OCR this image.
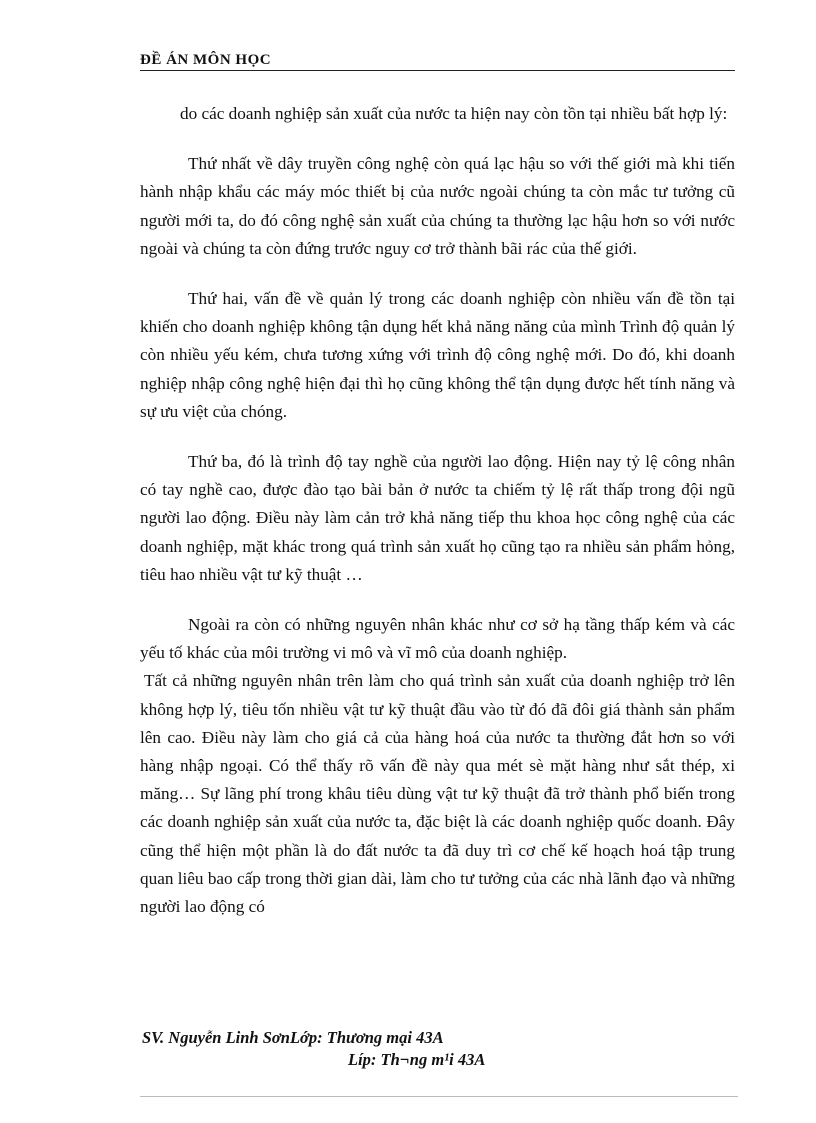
ĐỀ ÁN MÔN HỌC

do các doanh nghiệp sản xuất của nước ta hiện nay còn tồn tại nhiều bất hợp lý:

Thứ nhất về dây truyền công nghệ còn quá lạc hậu so với thế giới mà khi tiến hành nhập khẩu các máy móc thiết bị của nước ngoài chúng ta còn mắc tư tưởng cũ người mới ta, do đó công nghệ sản xuất của chúng ta thường lạc hậu hơn so với nước ngoài và chúng ta còn đứng trước nguy cơ trở thành bãi rác của thế giới.

Thứ hai, vấn đề về quản lý trong các doanh nghiệp còn nhiều vấn đề tồn tại khiến cho doanh nghiệp không tận dụng hết khả năng năng của mình Trình độ quản lý còn nhiều yếu kém, chưa tương xứng với trình độ công nghệ mới. Do đó, khi doanh nghiệp nhập công nghệ hiện đại thì họ cũng không thể tận dụng được hết tính năng và sự ưu việt của chóng.

Thứ ba, đó là trình độ tay nghề của người lao động. Hiện nay tỷ lệ công nhân có tay nghề cao, được đào tạo bài bản ở nước ta chiếm tỷ lệ rất thấp trong đội ngũ người lao động. Điều này làm cản trở khả năng tiếp thu khoa học công nghệ của các doanh nghiệp, mặt khác trong quá trình sản xuất họ cũng tạo ra nhiều sản phẩm hỏng, tiêu hao nhiều vật tư kỹ thuật …

Ngoài ra còn có những nguyên nhân khác như cơ sở hạ tầng thấp kém và các yếu tố khác của môi trường vi mô và vĩ mô của doanh nghiệp.

Tất cả những nguyên nhân trên làm cho quá trình sản xuất của doanh nghiệp trở lên không hợp lý, tiêu tốn nhiều vật tư kỹ thuật đầu vào từ đó đã đôi giá thành sản phẩm lên cao. Điều này làm cho giá cả của hàng hoá của nước ta thường đắt hơn so với hàng nhập ngoại. Có thể thấy rõ vấn đề này qua mét sè mặt hàng như sắt thép, xi măng… Sự lãng phí trong khâu tiêu dùng vật tư kỹ thuật đã trở thành phổ biến trong các doanh nghiệp sản xuất của nước ta, đặc biệt là các doanh nghiệp quốc doanh. Đây cũng thể hiện một phần là do đất nước ta đã duy trì cơ chế kế hoạch hoá tập trung quan liêu bao cấp trong thời gian dài, làm cho tư tưởng của các nhà lãnh đạo và những người lao động có

SV. Nguyễn Linh SơnLớp: Thương mại 43A
Líp: Th¬ng m¹i 43A
